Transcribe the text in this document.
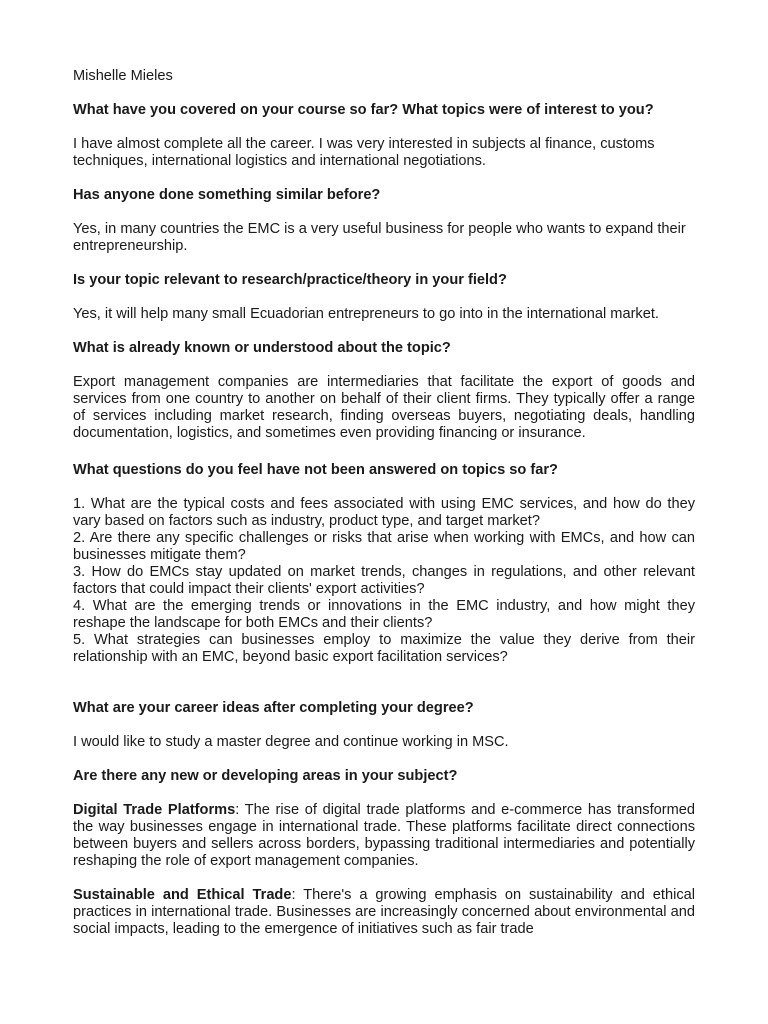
Mishelle Mieles

What have you covered on your course so far? What topics were of interest to you?

I have almost complete all the career. I was very interested in subjects al finance, customs techniques, international logistics and international negotiations.

Has anyone done something similar before?

Yes, in many countries the EMC is a very useful business for people who wants to expand their entrepreneurship.

Is your topic relevant to research/practice/theory in your field?

Yes, it will help many small Ecuadorian entrepreneurs to go into in the international market.

What is already known or understood about the topic?

Export management companies are intermediaries that facilitate the export of goods and services from one country to another on behalf of their client firms. They typically offer a range of services including market research, finding overseas buyers, negotiating deals, handling documentation, logistics, and sometimes even providing financing or insurance.

What questions do you feel have not been answered on topics so far?

1. What are the typical costs and fees associated with using EMC services, and how do they vary based on factors such as industry, product type, and target market?

2. Are there any specific challenges or risks that arise when working with EMCs, and how can businesses mitigate them?

3. How do EMCs stay updated on market trends, changes in regulations, and other relevant factors that could impact their clients' export activities?

4. What are the emerging trends or innovations in the EMC industry, and how might they reshape the landscape for both EMCs and their clients?

5. What strategies can businesses employ to maximize the value they derive from their relationship with an EMC, beyond basic export facilitation services?

What are your career ideas after completing your degree?

I would like to study a master degree and continue working in MSC.

Are there any new or developing areas in your subject?

Digital Trade Platforms: The rise of digital trade platforms and e-commerce has transformed the way businesses engage in international trade. These platforms facilitate direct connections between buyers and sellers across borders, bypassing traditional intermediaries and potentially reshaping the role of export management companies.

Sustainable and Ethical Trade: There's a growing emphasis on sustainability and ethical practices in international trade. Businesses are increasingly concerned about environmental and social impacts, leading to the emergence of initiatives such as fair trade
